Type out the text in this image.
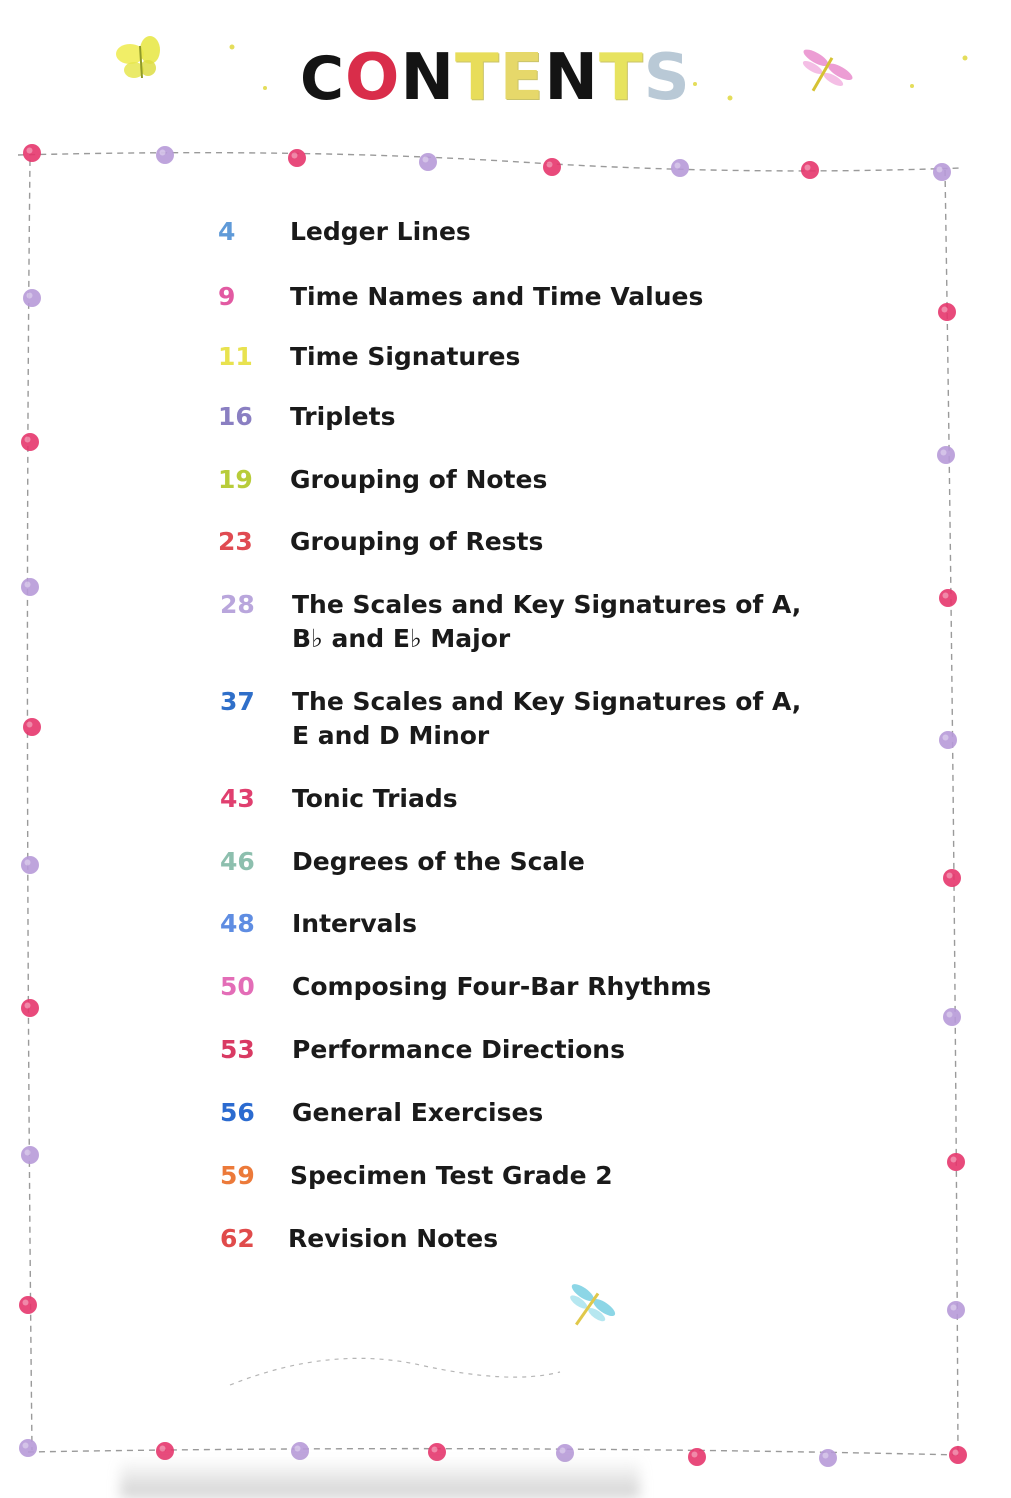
CONTENTS
4	Ledger Lines
9	Time Names and Time Values
11	Time Signatures
16	Triplets
19	Grouping of Notes
23	Grouping of Rests
28	The Scales and Key Signatures of A,
B♭ and E♭ Major
37	The Scales and Key Signatures of A,
E and D Minor
43	Tonic Triads
46	Degrees of the Scale
48	Intervals
50	Composing Four-Bar Rhythms
53	Performance Directions
56	General Exercises
59	Specimen Test Grade 2
62	Revision Notes
